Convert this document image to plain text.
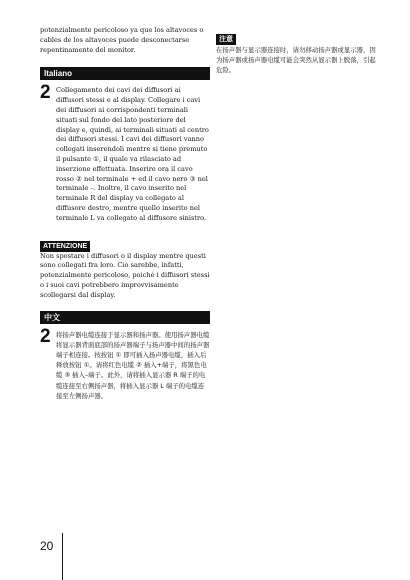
potenzialmente pericoloso ya que los altavoces o cables de los altavoces puede desconectarse repentinamente del monitor.

Italiano
2 Collegamento dei cavi dei diffusori ai diffusori stessi e al display. Collegare i cavi dei diffusori ai corrispondenti terminali situati sul fondo del lato posteriore del display e, quindi, ai terminali situati al centro dei diffusori stessi. I cavi dei diffusori vanno collegati inserendoli mentre si tiene premuto il pulsante ①, il quale va rilasciato ad inserzione effettuata. Inserire ora il cavo rosso ② nel terminale + ed il cavo nero ③ nel terminale –. Inoltre, il cavo inserito nel terminale R del display va collegato al diffusore destro, mentre quello inserito nel terminale L va collegato al diffusore sinistro.

ATTENZIONE

Non spostare i diffusori o il display mentre questi sono collegati fra loro. Ciò sarebbe, infatti, potenzialmente pericoloso, poiché i diffusori stessi o i suoi cavi potrebbero improvvisamente scollegarsi dal display.

中文
2 将扬声器电缆连接于显示器和扬声器。使用扬声器电缆将显示器背面底部的扬声器端子与扬声器中间的扬声器端子相连接。按按钮 ① 即可插入扬声器电缆，插入后释放按钮 ①。请将红色电缆 ② 插入+端子，将黑色电缆 ③ 插入–端子。此外，请将插入显示器 R 端子的电缆连接至右侧扬声器，将插入显示器 L 端子的电缆连接至左侧扬声器。

注意

在扬声器与显示器连接时，请勿移动扬声器或显示器，因为扬声器或扬声器电缆可能会突然从显示器上脱落，引起危险。

20
